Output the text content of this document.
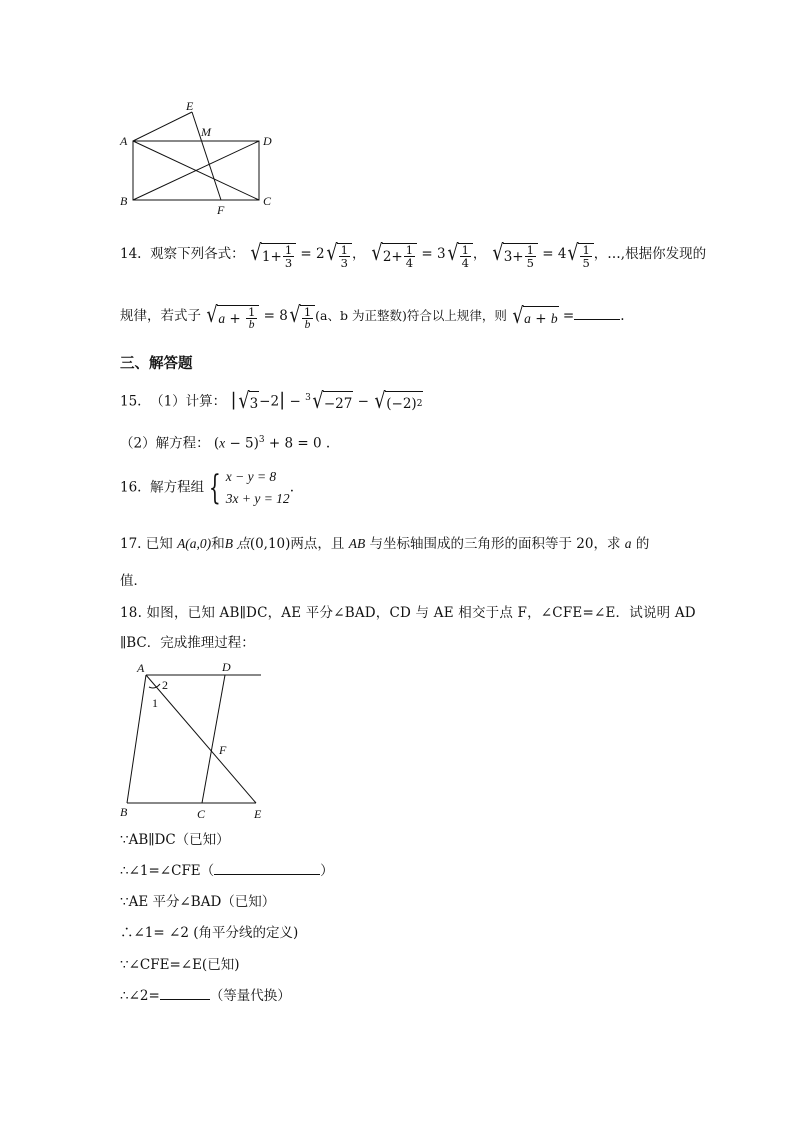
A
B	C
D
E
F
M
14. 观察下列各式： √ $1+ \frac{1}{3} = 2$ √ $\frac{1}{3}$ ， √ $2+ \frac{1}{4} = 3$ √ $\frac{1}{4}$ ， √ $3+ \frac{1}{5} = 4$ √ $\frac{1}{5}$ ，…,根据你发现的
规律，若式子 √ $a + \frac{1}{b} = 8$ √ $\frac{1}{b} (a$、b 为正整数)符合以上规律，则 √ a + b =	.
三、解答题
15. （1）计算： | √ 3 −2| − $^3$ √ −27 − √ (−2) 2
（2）解方程： $(x - 5)^3 + 8 = 0$ .
16. 解方程组 { x − y = 8
3x + y = 12
.
17. 已知 A(a,0)和B 点(0,10)两点，且 AB 与坐标轴围成的三角形的面积等于 20，求 a 的
值．
18. 如图，已知 AB∥DC，AE 平分∠BAD，CD 与 AE 相交于点 F，∠CFE=∠E．试说明 AD
∥BC．完成推理过程：
A	D
B	C	E
F
1
2
∵AB∥DC（已知）
∴∠1=∠CFE（	）
∵AE 平分∠BAD（已知）
∴∠1= ∠2 (角平分线的定义)
∵∠CFE=∠E(已知)
∴∠2=	（等量代换）
